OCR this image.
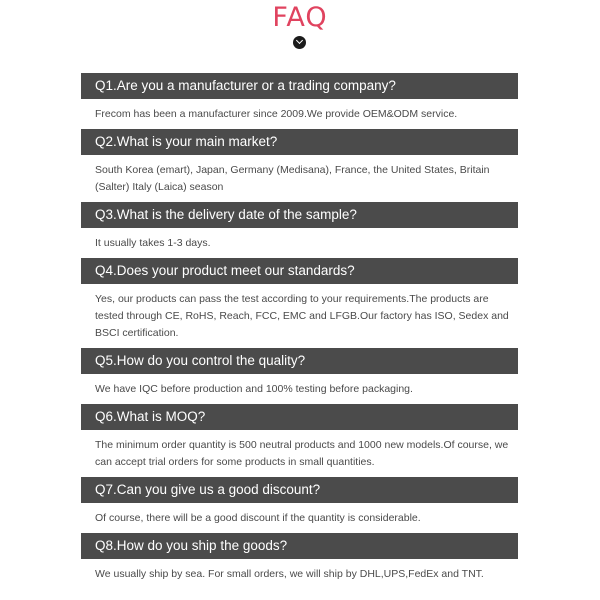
FAQ
Q1.Are you a manufacturer or a trading company?
Frecom has been a manufacturer since 2009.We provide OEM&ODM service.
Q2.What is your main market?
South Korea (emart), Japan, Germany (Medisana), France, the United States, Britain (Salter) Italy (Laica) season
Q3.What is the delivery date of the sample?
It usually takes 1-3 days.
Q4.Does your product meet our standards?
Yes, our products can pass the test according to your requirements.The products are tested through CE, RoHS, Reach, FCC, EMC and LFGB.Our factory has ISO, Sedex and BSCI certification.
Q5.How do you control the quality?
We have IQC before production and 100% testing before packaging.
Q6.What is MOQ?
The minimum order quantity is 500 neutral products and 1000 new models.Of course, we can accept trial orders for some products in small quantities.
Q7.Can you give us a good discount?
Of course, there will be a good discount if the quantity is considerable.
Q8.How do you ship the goods?
We usually ship by sea. For small orders, we will ship by DHL,UPS,FedEx and TNT.
